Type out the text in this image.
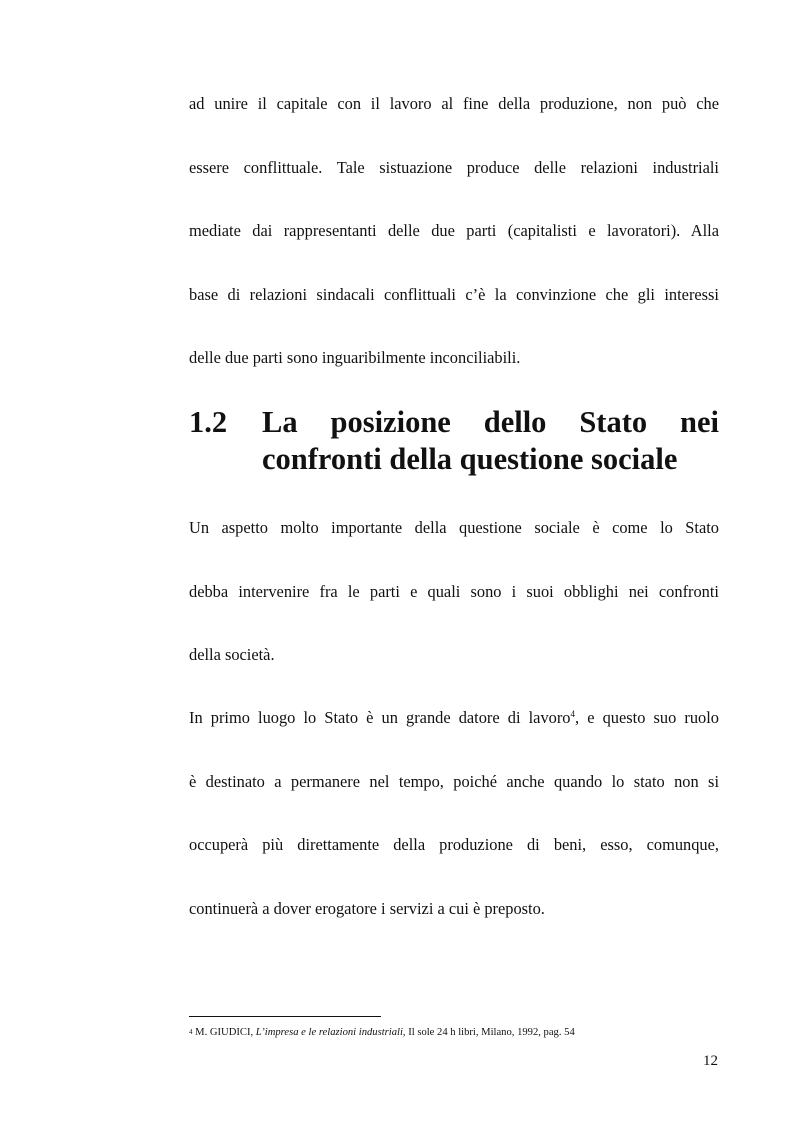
ad unire il capitale con il lavoro al fine della produzione, non può che
essere conflittuale. Tale sistuazione produce delle relazioni industriali
mediate dai rappresentanti delle due parti (capitalisti e lavoratori). Alla
base di relazioni sindacali conflittuali c’è la convinzione che gli interessi
delle due parti sono inguaribilmente inconciliabili.
1.2 La posizione dello Stato nei
confronti della questione sociale
Un aspetto molto importante della questione sociale è come lo Stato
debba intervenire fra le parti e quali sono i suoi obblighi nei confronti
della società.
In primo luogo lo Stato è un grande datore di lavoro$^4$, e questo suo ruolo
è destinato a permanere nel tempo, poiché anche quando lo stato non si
occuperà più direttamente della produzione di beni, esso, comunque,
continuerà a dover erogatore i servizi a cui è preposto.
$^4$ M. GIUDICI, L’impresa e le relazioni industriali, Il sole 24 h libri, Milano, 1992, pag. 54
12
